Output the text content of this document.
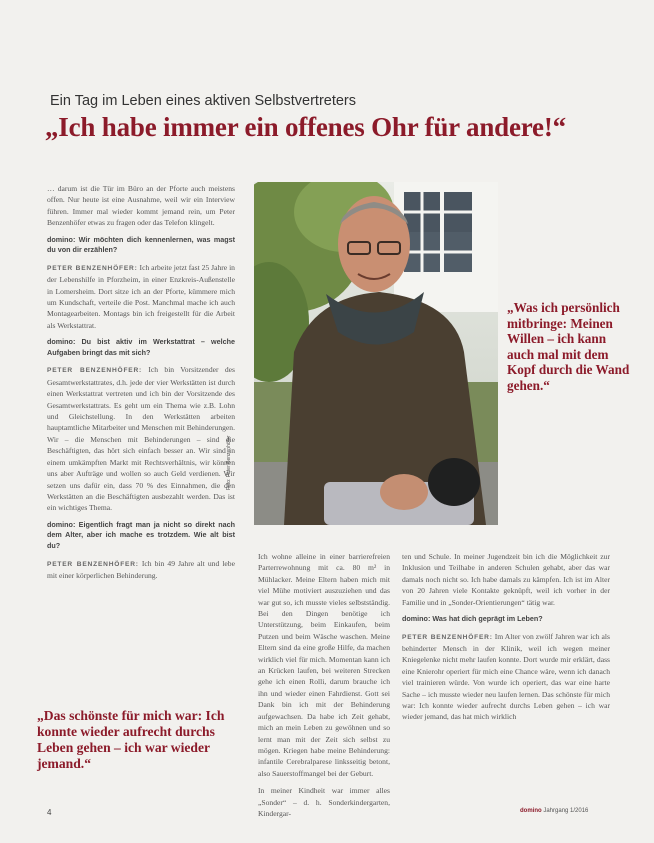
Ein Tag im Leben eines aktiven Selbstvertreters
„Ich habe immer ein offenes Ohr für andere!“

… darum ist die Tür im Büro an der Pforte auch meistens offen. Nur heute ist eine Ausnahme, weil wir ein Interview führen. Immer mal wieder kommt jemand rein, um Peter Benzenhöfer etwas zu fragen oder das Telefon klingelt.

domino: Wir möchten dich kennenlernen, was magst du von dir erzählen?

PETER BENZENHÖFER: Ich arbeite jetzt fast 25 Jahre in der Lebenshilfe in Pforzheim, in einer Enzkreis-Außenstelle in Lomersheim. Dort sitze ich an der Pforte, kümmere mich um Kundschaft, verteile die Post. Manchmal mache ich auch Montagearbeiten. Montags bin ich freigestellt für die Arbeit als Werkstattrat.

domino: Du bist aktiv im Werkstattrat – welche Aufgaben bringt das mit sich?

PETER BENZENHÖFER: Ich bin Vorsitzender des Gesamtwerkstattrates, d.h. jede der vier Werkstätten ist durch einen Werkstattrat vertreten und ich bin der Vorsitzende des Gesamtwerkstattrats. Es geht um ein Thema wie z.B. Lohn und Gleichstellung. In den Werkstätten arbeiten hauptamtliche Mitarbeiter und Menschen mit Behinderungen. Wir – die Menschen mit Behinderungen – sind die Beschäftigten, das hört sich einfach besser an. Wir sind in einem umkämpften Markt mit Rechtsverhältnis, wir können uns aber Aufträge und wollen so auch Geld verdienen. Wir setzen uns dafür ein, dass 70 % des Einnahmen, die den Werkstätten an die Beschäftigten ausbezahlt werden. Das ist ein wichtiges Thema.

domino: Eigentlich fragt man ja nicht so direkt nach dem Alter, aber ich mache es trotzdem. Wie alt bist du?

PETER BENZENHÖFER: Ich bin 49 Jahre alt und lebe mit einer körperlichen Behinderung.

Foto: Peter Benzenhöfer
„Was ich persönlich mitbringe: Meinen Willen – ich kann auch mal mit dem Kopf durch die Wand gehen.“

Ich wohne alleine in einer barrierefreien Parterrewohnung mit ca. 80 m² in Mühlacker. Meine Eltern haben mich mit viel Mühe motiviert auszuziehen und das war gut so, ich musste vieles selbstständig. Bei den Dingen benötige ich Unterstützung, beim Einkaufen, beim Putzen und beim Wäsche waschen. Meine Eltern sind da eine große Hilfe, da machen wirklich viel für mich. Momentan kann ich an Krücken laufen, bei weiteren Strecken gehe ich einen Rolli, darum brauche ich ihn und wieder einen Fahrdienst. Gott sei Dank bin ich mit der Behinderung aufgewachsen. Da habe ich Zeit gehabt, mich an mein Leben zu gewöhnen und so lernt man mit der Zeit sich selbst zu mögen. Kriegen habe meine Behinderung: infantile Cerebralparese linksseitig betont, also Sauerstoffmangel bei der Geburt.

In meiner Kindheit war immer alles „Sonder“ – d. h. Sonderkindergarten, Kindergar-

ten und Schule. In meiner Jugendzeit bin ich die Möglichkeit zur Inklusion und Teilhabe in anderen Schulen gehabt, aber das war damals noch nicht so. Ich habe damals zu kämpfen. Ich ist im Alter von 20 Jahren viele Kontakte geknüpft, weil ich vorher in der Familie und in „Sonder-Orientierungen“ tätig war.

domino: Was hat dich geprägt im Leben?

PETER BENZENHÖFER: Im Alter von zwölf Jahren war ich als behinderter Mensch in der Klinik, weil ich wegen meiner Kniegelenke nicht mehr laufen konnte. Dort wurde mir erklärt, dass eine Knierohr operiert für mich eine Chance wäre, wenn ich danach viel trainieren würde. Von wurde ich operiert, das war eine harte Sache – ich musste wieder neu laufen lernen. Das schönste für mich war: Ich konnte wieder aufrecht durchs Leben gehen – ich war wieder jemand, das hat mich wirklich

„Das schönste für mich war: Ich konnte wieder aufrecht durchs Leben gehen – ich war wieder jemand.“
4	domino Jahrgang 1/2016
